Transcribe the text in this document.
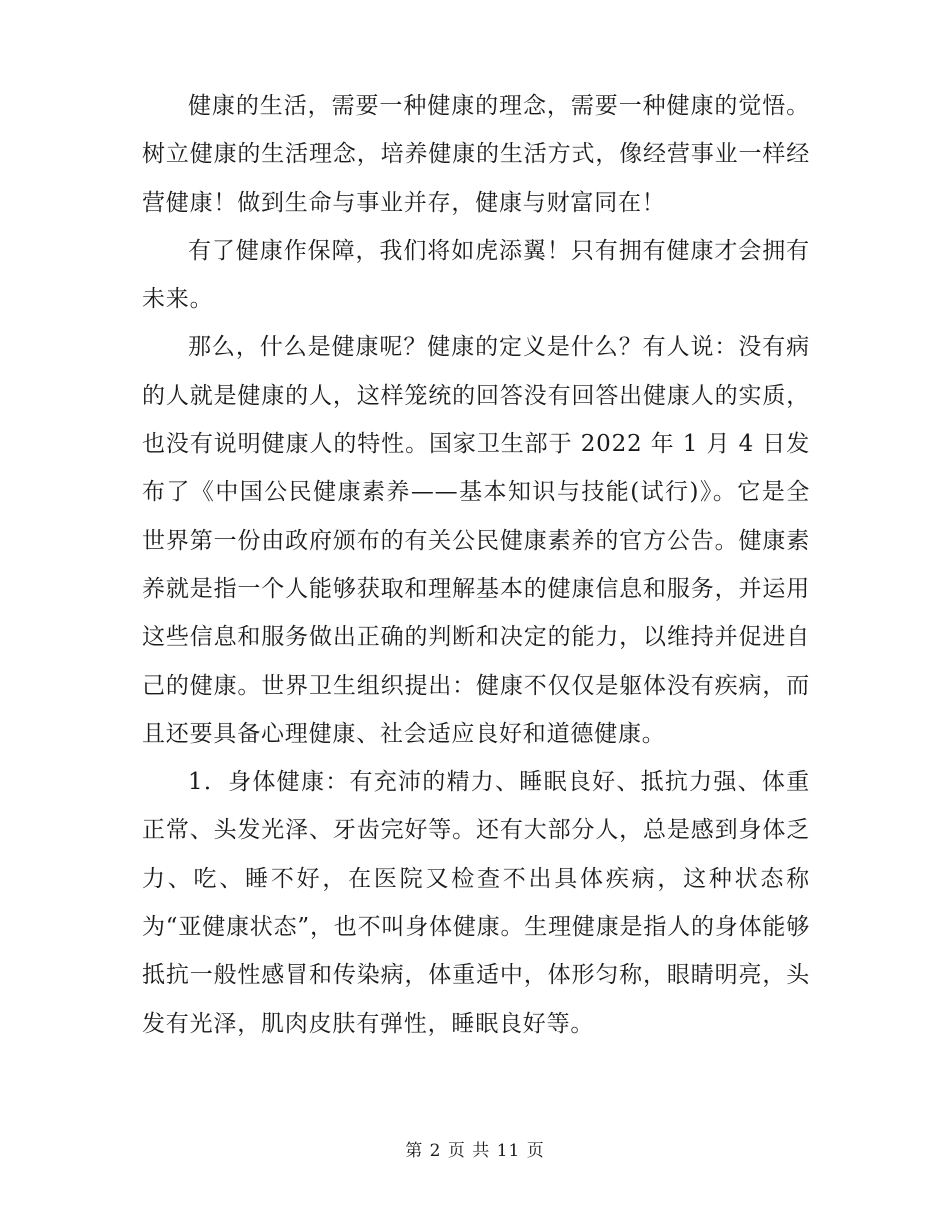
健康的生活，需要一种健康的理念，需要一种健康的觉悟。树立健康的生活理念，培养健康的生活方式，像经营事业一样经营健康！做到生命与事业并存，健康与财富同在！

有了健康作保障，我们将如虎添翼！只有拥有健康才会拥有未来。

那么，什么是健康呢？健康的定义是什么？有人说：没有病的人就是健康的人，这样笼统的回答没有回答出健康人的实质，也没有说明健康人的特性。国家卫生部于 2022 年 1 月 4 日发布了《中国公民健康素养——基本知识与技能(试行)》。它是全世界第一份由政府颁布的有关公民健康素养的官方公告。健康素养就是指一个人能够获取和理解基本的健康信息和服务，并运用这些信息和服务做出正确的判断和决定的能力，以维持并促进自己的健康。世界卫生组织提出：健康不仅仅是躯体没有疾病，而且还要具备心理健康、社会适应良好和道德健康。

1．身体健康：有充沛的精力、睡眠良好、抵抗力强、体重正常、头发光泽、牙齿完好等。还有大部分人，总是感到身体乏力、吃、睡不好，在医院又检查不出具体疾病，这种状态称为“亚健康状态”，也不叫身体健康。生理健康是指人的身体能够抵抗一般性感冒和传染病，体重适中，体形匀称，眼睛明亮，头发有光泽，肌肉皮肤有弹性，睡眠良好等。

第 2 页 共 11 页
